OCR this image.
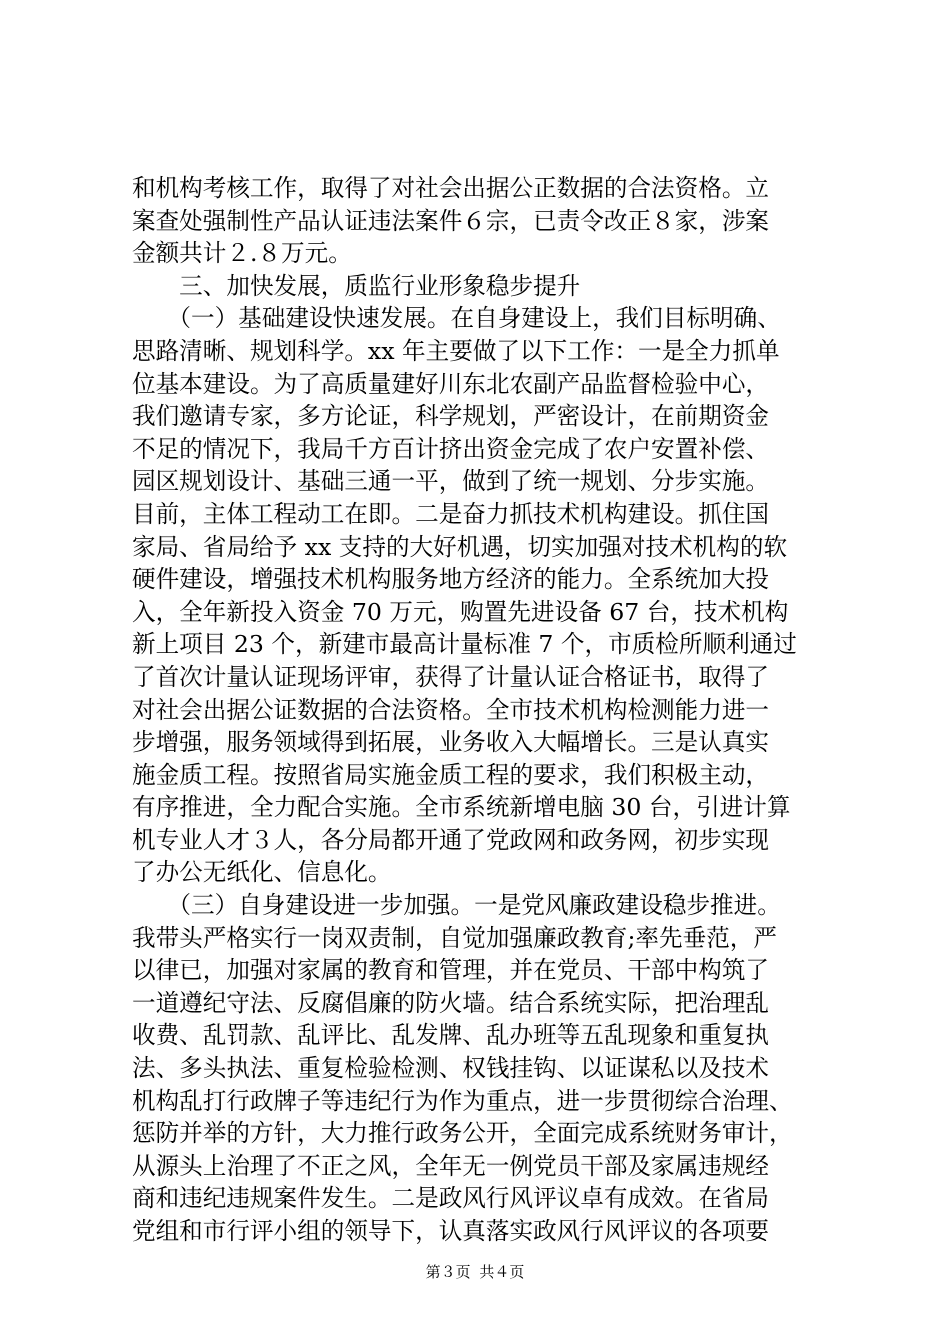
和机构考核工作，取得了对社会出据公正数据的合法资格。立
案查处强制性产品认证违法案件６宗，已责令改正８家，涉案
金额共计２.８万元。
　　三、加快发展，质监行业形象稳步提升
　　（一）基础建设快速发展。在自身建设上，我们目标明确、
思路清晰、规划科学。xx 年主要做了以下工作：一是全力抓单
位基本建设。为了高质量建好川东北农副产品监督检验中心，
我们邀请专家，多方论证，科学规划，严密设计，在前期资金
不足的情况下，我局千方百计挤出资金完成了农户安置补偿、
园区规划设计、基础三通一平，做到了统一规划、分步实施。
目前，主体工程动工在即。二是奋力抓技术机构建设。抓住国
家局、省局给予 xx 支持的大好机遇，切实加强对技术机构的软
硬件建设，增强技术机构服务地方经济的能力。全系统加大投
入，全年新投入资金 70 万元，购置先进设备 67 台，技术机构
新上项目 23 个，新建市最高计量标准 7 个，市质检所顺利通过
了首次计量认证现场评审，获得了计量认证合格证书，取得了
对社会出据公证数据的合法资格。全市技术机构检测能力进一
步增强，服务领域得到拓展，业务收入大幅增长。三是认真实
施金质工程。按照省局实施金质工程的要求，我们积极主动，
有序推进，全力配合实施。全市系统新增电脑 30 台，引进计算
机专业人才３人，各分局都开通了党政网和政务网，初步实现
了办公无纸化、信息化。
　　（三）自身建设进一步加强。一是党风廉政建设稳步推进。
我带头严格实行一岗双责制，自觉加强廉政教育;率先垂范，严
以律已，加强对家属的教育和管理，并在党员、干部中构筑了
一道遵纪守法、反腐倡廉的防火墙。结合系统实际，把治理乱
收费、乱罚款、乱评比、乱发牌、乱办班等五乱现象和重复执
法、多头执法、重复检验检测、权钱挂钩、以证谋私以及技术
机构乱打行政牌子等违纪行为作为重点，进一步贯彻综合治理、
惩防并举的方针，大力推行政务公开，全面完成系统财务审计，
从源头上治理了不正之风，全年无一例党员干部及家属违规经
商和违纪违规案件发生。二是政风行风评议卓有成效。在省局
党组和市行评小组的领导下，认真落实政风行风评议的各项要
第３页 共４页
